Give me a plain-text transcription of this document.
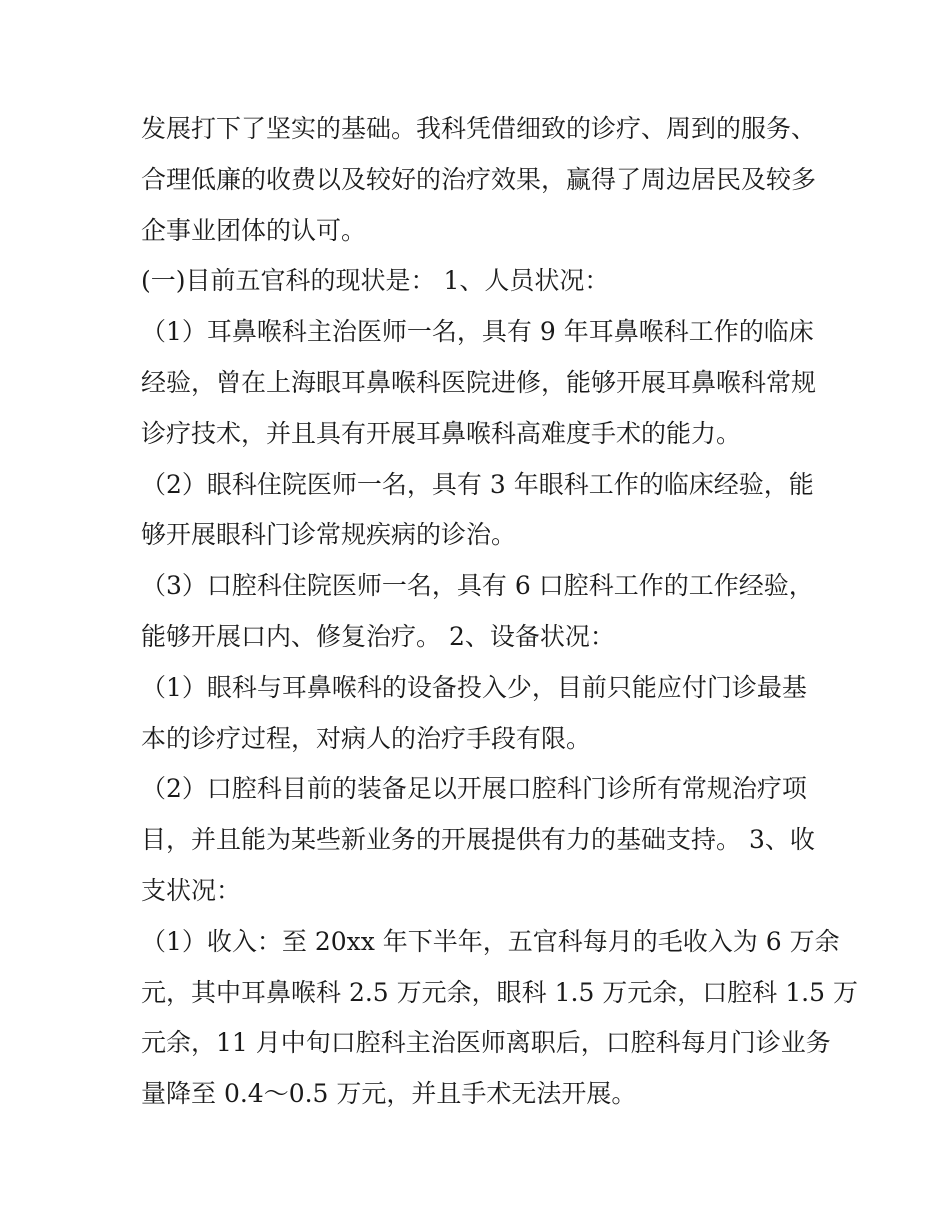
发展打下了坚实的基础。我科凭借细致的诊疗、周到的服务、
合理低廉的收费以及较好的治疗效果，赢得了周边居民及较多
企事业团体的认可。
(一)目前五官科的现状是： 1、人员状况：
（1）耳鼻喉科主治医师一名，具有 9 年耳鼻喉科工作的临床
经验，曾在上海眼耳鼻喉科医院进修，能够开展耳鼻喉科常规
诊疗技术，并且具有开展耳鼻喉科高难度手术的能力。
（2）眼科住院医师一名，具有 3 年眼科工作的临床经验，能
够开展眼科门诊常规疾病的诊治。
（3）口腔科住院医师一名，具有 6 口腔科工作的工作经验，
能够开展口内、修复治疗。 2、设备状况：
（1）眼科与耳鼻喉科的设备投入少，目前只能应付门诊最基
本的诊疗过程，对病人的治疗手段有限。
（2）口腔科目前的装备足以开展口腔科门诊所有常规治疗项
目，并且能为某些新业务的开展提供有力的基础支持。 3、收
支状况：
（1）收入：至 20xx 年下半年，五官科每月的毛收入为 6 万余
元，其中耳鼻喉科 2.5 万元余，眼科 1.5 万元余，口腔科 1.5 万
元余，11 月中旬口腔科主治医师离职后，口腔科每月门诊业务
量降至 0.4～0.5 万元，并且手术无法开展。
